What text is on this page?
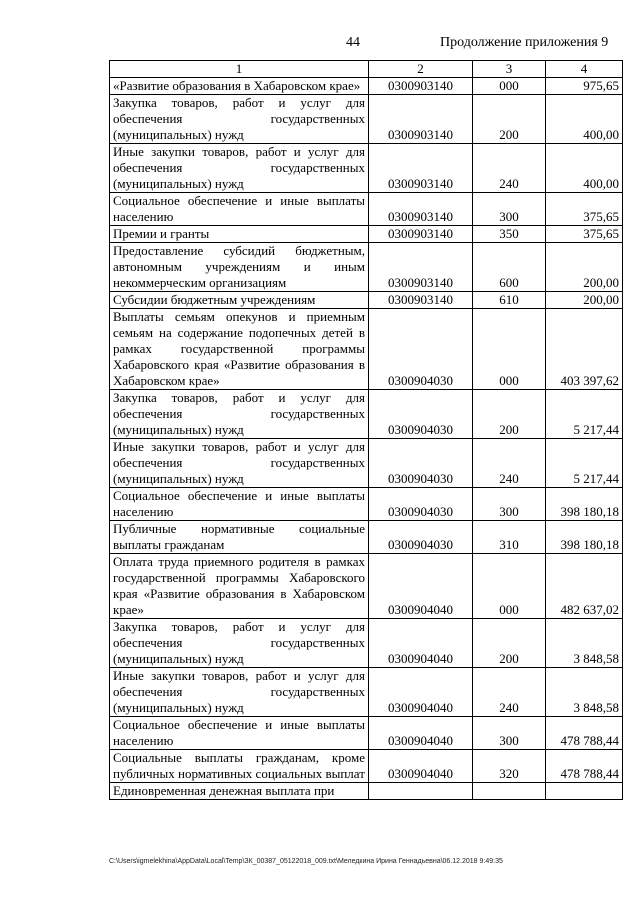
44	Продолжение приложения 9
1	2	3	4
«Развитие образования в Хабаровском крае»	0300903140	000	975,65
Закупка товаров, работ и услуг для обеспечения государственных (муниципальных) нужд	0300903140	200	400,00
Иные закупки товаров, работ и услуг для обеспечения государственных (муниципальных) нужд	0300903140	240	400,00
Социальное обеспечение и иные выплаты населению	0300903140	300	375,65
Премии и гранты	0300903140	350	375,65
Предоставление субсидий бюджетным, автономным учреждениям и иным некоммерческим организациям	0300903140	600	200,00
Субсидии бюджетным учреждениям	0300903140	610	200,00
Выплаты семьям опекунов и приемным семьям на содержание подопечных детей в рамках государственной программы Хабаровского края «Развитие образования в Хабаровском крае»	0300904030	000	403 397,62
Закупка товаров, работ и услуг для обеспечения государственных (муниципальных) нужд	0300904030	200	5 217,44
Иные закупки товаров, работ и услуг для обеспечения государственных (муниципальных) нужд	0300904030	240	5 217,44
Социальное обеспечение и иные выплаты населению	0300904030	300	398 180,18
Публичные нормативные социальные выплаты гражданам	0300904030	310	398 180,18
Оплата труда приемного родителя в рамках государственной программы Хабаровского края «Развитие образования в Хабаровском крае»	0300904040	000	482 637,02
Закупка товаров, работ и услуг для обеспечения государственных (муниципальных) нужд	0300904040	200	3 848,58
Иные закупки товаров, работ и услуг для обеспечения государственных (муниципальных) нужд	0300904040	240	3 848,58
Социальное обеспечение и иные выплаты населению	0300904040	300	478 788,44
Социальные выплаты гражданам, кроме публичных нормативных социальных выплат	0300904040	320	478 788,44
Единовременная денежная выплата при			
C:\Users\igmelekhina\AppData\Local\Temp\ЗК_00387_05122018_009.txt\Меледкина Ирина Геннадьевна\06.12.2018 9:49:35
